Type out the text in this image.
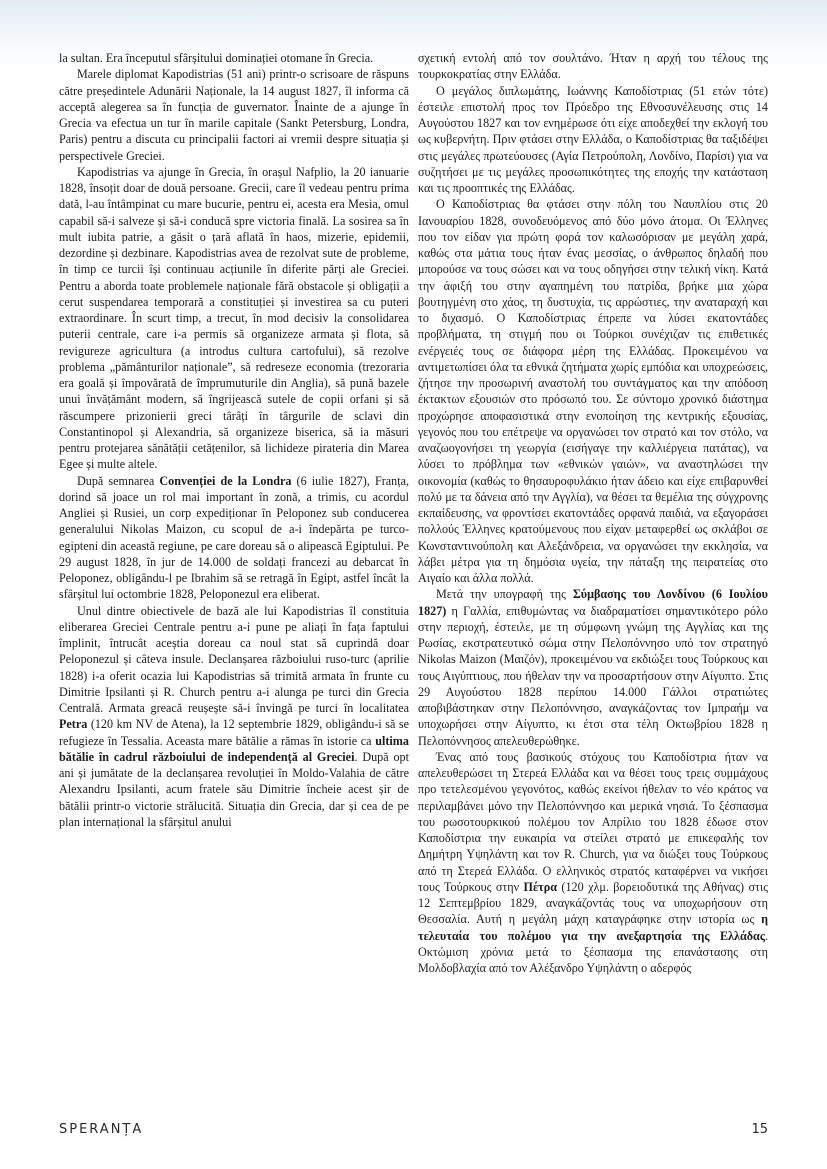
la sultan. Era începutul sfârșitului dominației otomane în Grecia.

Marele diplomat Kapodistrias (51 ani) printr-o scrisoare de răspuns către președintele Adunării Naționale, la 14 august 1827, îl informa că acceptă alegerea sa în funcția de guvernator. Înainte de a ajunge în Grecia va efectua un tur în marile capitale (Sankt Petersburg, Londra, Paris) pentru a discuta cu principalii factori ai vremii despre situația și perspectivele Greciei.

Kapodistrias va ajunge în Grecia, în orașul Nafplio, la 20 ianuarie 1828, însoțit doar de două persoane. Grecii, care îl vedeau pentru prima dată, l-au întâmpinat cu mare bucurie, pentru ei, acesta era Mesia, omul capabil să-i salveze și să-i conducă spre victoria finală. La sosirea sa în mult iubita patrie, a găsit o țară aflată în haos, mizerie, epidemii, dezordine și dezbinare. Kapodistrias avea de rezolvat sute de probleme, în timp ce turcii își continuau acțiunile în diferite părți ale Greciei. Pentru a aborda toate problemele naționale fără obstacole și obligații a cerut suspendarea temporară a constituției și investirea sa cu puteri extraordinare. În scurt timp, a trecut, în mod decisiv la consolidarea puterii centrale, care i-a permis să organizeze armata și flota, să revigureze agricultura (a introdus cultura cartofului), să rezolve problema „pământurilor naționale”, să redreseze economia (trezoraria era goală și împovărată de împrumuturile din Anglia), să pună bazele unui învățământ modern, să îngrijească sutele de copii orfani și să răscumpere prizonierii greci târâți în târgurile de sclavi din Constantinopol și Alexandria, să organizeze biserica, să ia măsuri pentru protejarea sănătății cetățenilor, să lichideze pirateria din Marea Egee și multe altele.

După semnarea Convenției de la Londra (6 iulie 1827), Franța, dorind să joace un rol mai important în zonă, a trimis, cu acordul Angliei și Rusiei, un corp expediționar în Peloponez sub conducerea generalului Nikolas Maizon, cu scopul de a-i îndepărta pe turco-egipteni din această regiune, pe care doreau să o alipească Egiptului. Pe 29 august 1828, în jur de 14.000 de soldați francezi au debarcat în Peloponez, obligându-l pe Ibrahim să se retragă în Egipt, astfel încât la sfârșitul lui octombrie 1828, Peloponezul era eliberat.

Unul dintre obiectivele de bază ale lui Kapodistrias îl constituia eliberarea Greciei Centrale pentru a-i pune pe aliați în fața faptului împlinit, întrucât aceștia doreau ca noul stat să cuprindă doar Peloponezul și câteva insule. Declanșarea războiului ruso-turc (aprilie 1828) i-a oferit ocazia lui Kapodistrias să trimită armata în frunte cu Dimitrie Ipsilanti și R. Church pentru a-i alunga pe turci din Grecia Centrală. Armata greacă reușește să-i învingă pe turci în localitatea Petra (120 km NV de Atena), la 12 septembrie 1829, obligându-i să se refugieze în Tessalia. Aceasta mare bătălie a rămas în istorie ca ultima bătălie în cadrul războiului de independență al Greciei. După opt ani și jumătate de la declanșarea revoluției în Moldo-Valahia de către Alexandru Ipsilanti, acum fratele său Dimitrie încheie acest șir de bătălii printr-o victorie strălucită. Situația din Grecia, dar și cea de pe plan internațional la sfârșitul anului

σχετική εντολή από τον σουλτάνο. Ήταν η αρχή του τέλους της τουρκοκρατίας στην Ελλάδα.

Ο μεγάλος διπλωμάτης, Ιωάννης Καποδίστριας (51 ετών τότε) έστειλε επιστολή προς τον Πρόεδρο της Εθνοσυνέλευσης στις 14 Αυγούστου 1827 και τον ενημέρωσε ότι είχε αποδεχθεί την εκλογή του ως κυβερνήτη. Πριν φτάσει στην Ελλάδα, ο Καποδίστριας θα ταξιδέψει στις μεγάλες πρωτεύουσες (Αγία Πετρούπολη, Λονδίνο, Παρίσι) για να συζητήσει με τις μεγάλες προσωπικότητες της εποχής την κατάσταση και τις προοπτικές της Ελλάδας.

Ο Καποδίστριας θα φτάσει στην πόλη του Ναυπλίου στις 20 Ιανουαρίου 1828, συνοδευόμενος από δύο μόνο άτομα. Οι Έλληνες που τον είδαν για πρώτη φορά τον καλωσόρισαν με μεγάλη χαρά, καθώς στα μάτια τους ήταν ένας μεσσίας, ο άνθρωπος δηλαδή που μπορούσε να τους σώσει και να τους οδηγήσει στην τελική νίκη. Κατά την άφιξή του στην αγαπημένη του πατρίδα, βρήκε μια χώρα βουτηγμένη στο χάος, τη δυστυχία, τις αρρώστιες, την αναταραχή και το διχασμό. Ο Καποδίστριας έπρεπε να λύσει εκατοντάδες προβλήματα, τη στιγμή που οι Τούρκοι συνέχιζαν τις επιθετικές ενέργειές τους σε διάφορα μέρη της Ελλάδας. Προκειμένου να αντιμετωπίσει όλα τα εθνικά ζητήματα χωρίς εμπόδια και υποχρεώσεις, ζήτησε την προσωρινή αναστολή του συντάγματος και την απόδοση έκτακτων εξουσιών στο πρόσωπό του. Σε σύντομο χρονικό διάστημα προχώρησε αποφασιστικά στην ενοποίηση της κεντρικής εξουσίας, γεγονός που του επέτρεψε να οργανώσει τον στρατό και τον στόλο, να αναζωογονήσει τη γεωργία (εισήγαγε την καλλιέργεια πατάτας), να λύσει το πρόβλημα των «εθνικών γαιών», να αναστηλώσει την οικονομία (καθώς το θησαυροφυλάκιο ήταν άδειο και είχε επιβαρυνθεί πολύ με τα δάνεια από την Αγγλία), να θέσει τα θεμέλια της σύγχρονης εκπαίδευσης, να φροντίσει εκατοντάδες ορφανά παιδιά, να εξαγοράσει πολλούς Έλληνες κρατούμενους που είχαν μεταφερθεί ως σκλάβοι σε Κωνσταντινούπολη και Αλεξάνδρεια, να οργανώσει την εκκλησία, να λάβει μέτρα για τη δημόσια υγεία, την πάταξη της πειρατείας στο Αιγαίο και άλλα πολλά.

Μετά την υπογραφή της Σύμβασης του Λονδίνου (6 Ιουλίου 1827) η Γαλλία, επιθυμώντας να διαδραματίσει σημαντικότερο ρόλο στην περιοχή, έστειλε, με τη σύμφωνη γνώμη της Αγγλίας και της Ρωσίας, εκστρατευτικό σώμα στην Πελοπόννησο υπό τον στρατηγό Nikolas Maizon (Μαιζόν), προκειμένου να εκδιώξει τους Τούρκους και τους Αιγύπτιους, που ήθελαν την να προσαρτήσουν στην Αίγυπτο. Στις 29 Αυγούστου 1828 περίπου 14.000 Γάλλοι στρατιώτες αποβιβάστηκαν στην Πελοπόννησο, αναγκάζοντας τον Ιμπραήμ να υποχωρήσει στην Αίγυπτο, κι έτσι στα τέλη Οκτωβρίου 1828 η Πελοπόννησος απελευθερώθηκε.

Ένας από τους βασικούς στόχους του Καποδίστρια ήταν να απελευθερώσει τη Στερεά Ελλάδα και να θέσει τους τρεις συμμάχους προ τετελεσμένου γεγονότος, καθώς εκείνοι ήθελαν το νέο κράτος να περιλαμβάνει μόνο την Πελοπόννησο και μερικά νησιά. Το ξέσπασμα του ρωσοτουρκικού πολέμου τον Απρίλιο του 1828 έδωσε στον Καποδίστρια την ευκαιρία να στείλει στρατό με επικεφαλής τον Δημήτρη Υψηλάντη και τον R. Church, για να διώξει τους Τούρκους από τη Στερεά Ελλάδα. Ο ελληνικός στρατός καταφέρνει να νικήσει τους Τούρκους στην Πέτρα (120 χλμ. βορειοδυτικά της Αθήνας) στις 12 Σεπτεμβρίου 1829, αναγκάζοντάς τους να υποχωρήσουν στη Θεσσαλία. Αυτή η μεγάλη μάχη καταγράφηκε στην ιστορία ως η τελευταία του πολέμου για την ανεξαρτησία της Ελλάδας. Οκτώμιση χρόνια μετά το ξέσπασμα της επανάστασης στη Μολδοβλαχία από τον Αλέξανδρο Υψηλάντη ο αδερφός

SPERANȚA	15
